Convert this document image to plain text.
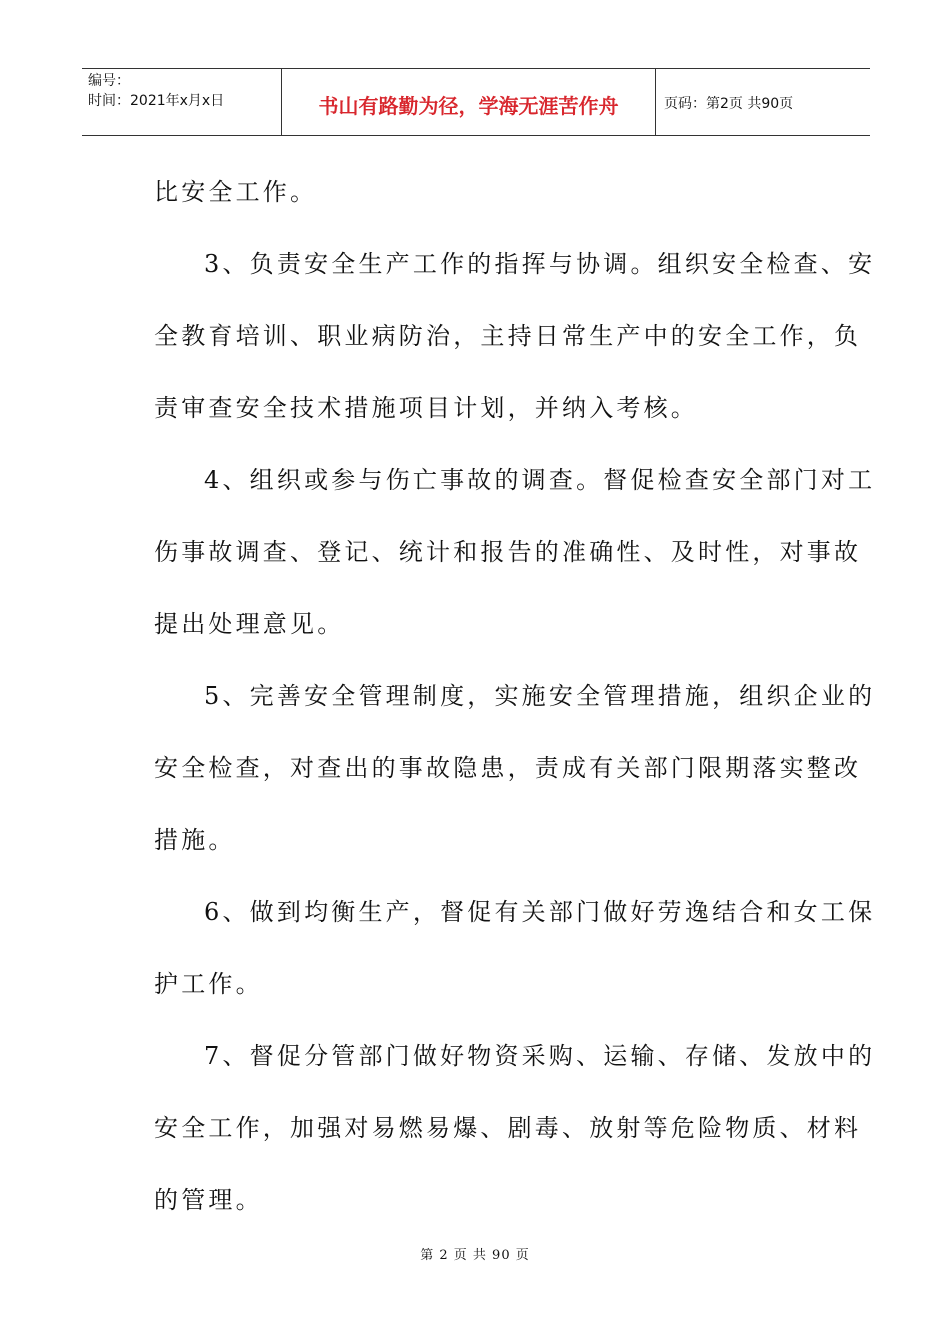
编号：
时间：2021年x月x日	书山有路勤为径，学海无涯苦作舟	页码：第2页 共90页

比安全工作。

3、负责安全生产工作的指挥与协调。组织安全检查、安

全教育培训、职业病防治，主持日常生产中的安全工作，负

责审查安全技术措施项目计划，并纳入考核。

4、组织或参与伤亡事故的调查。督促检查安全部门对工

伤事故调查、登记、统计和报告的准确性、及时性，对事故

提出处理意见。

5、完善安全管理制度，实施安全管理措施，组织企业的

安全检查，对查出的事故隐患，责成有关部门限期落实整改

措施。

6、做到均衡生产，督促有关部门做好劳逸结合和女工保

护工作。

7、督促分管部门做好物资采购、运输、存储、发放中的

安全工作，加强对易燃易爆、剧毒、放射等危险物质、材料

的管理。

第 2 页 共 90 页
